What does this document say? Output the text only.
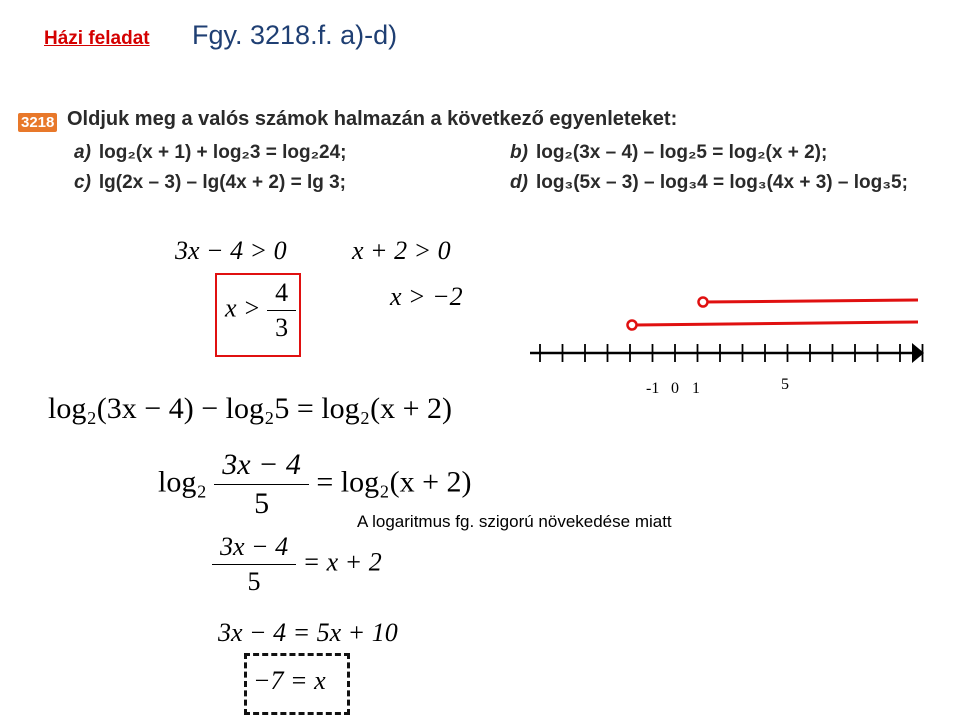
Házi feladat Fgy. 3218.f. a)-d)
3218 Oldjuk meg a valós számok halmazán a következő egyenleteket:
a) log₂(x + 1) + log₂3 = log₂24;	b) log₂(3x – 4) – log₂5 = log₂(x + 2);
c) lg(2x – 3) – lg(4x + 2) = lg 3;	d) log₃(5x – 3) – log₃4 = log₃(4x + 3) – log₃5;
3x − 4 > 0	x + 2 > 0
$x > \frac{4}{3}$	x > −2
-1 0 1	5
log₂(3x − 4) − log₂5 = log₂(x + 2)
$\log_2 \frac{3x - 4}{5} = \log_2(x + 2)$
A logaritmus fg. szigorú növekedése miatt
$\frac{3x - 4}{5} = x + 2$
3x − 4 = 5x + 10
−7 = x
